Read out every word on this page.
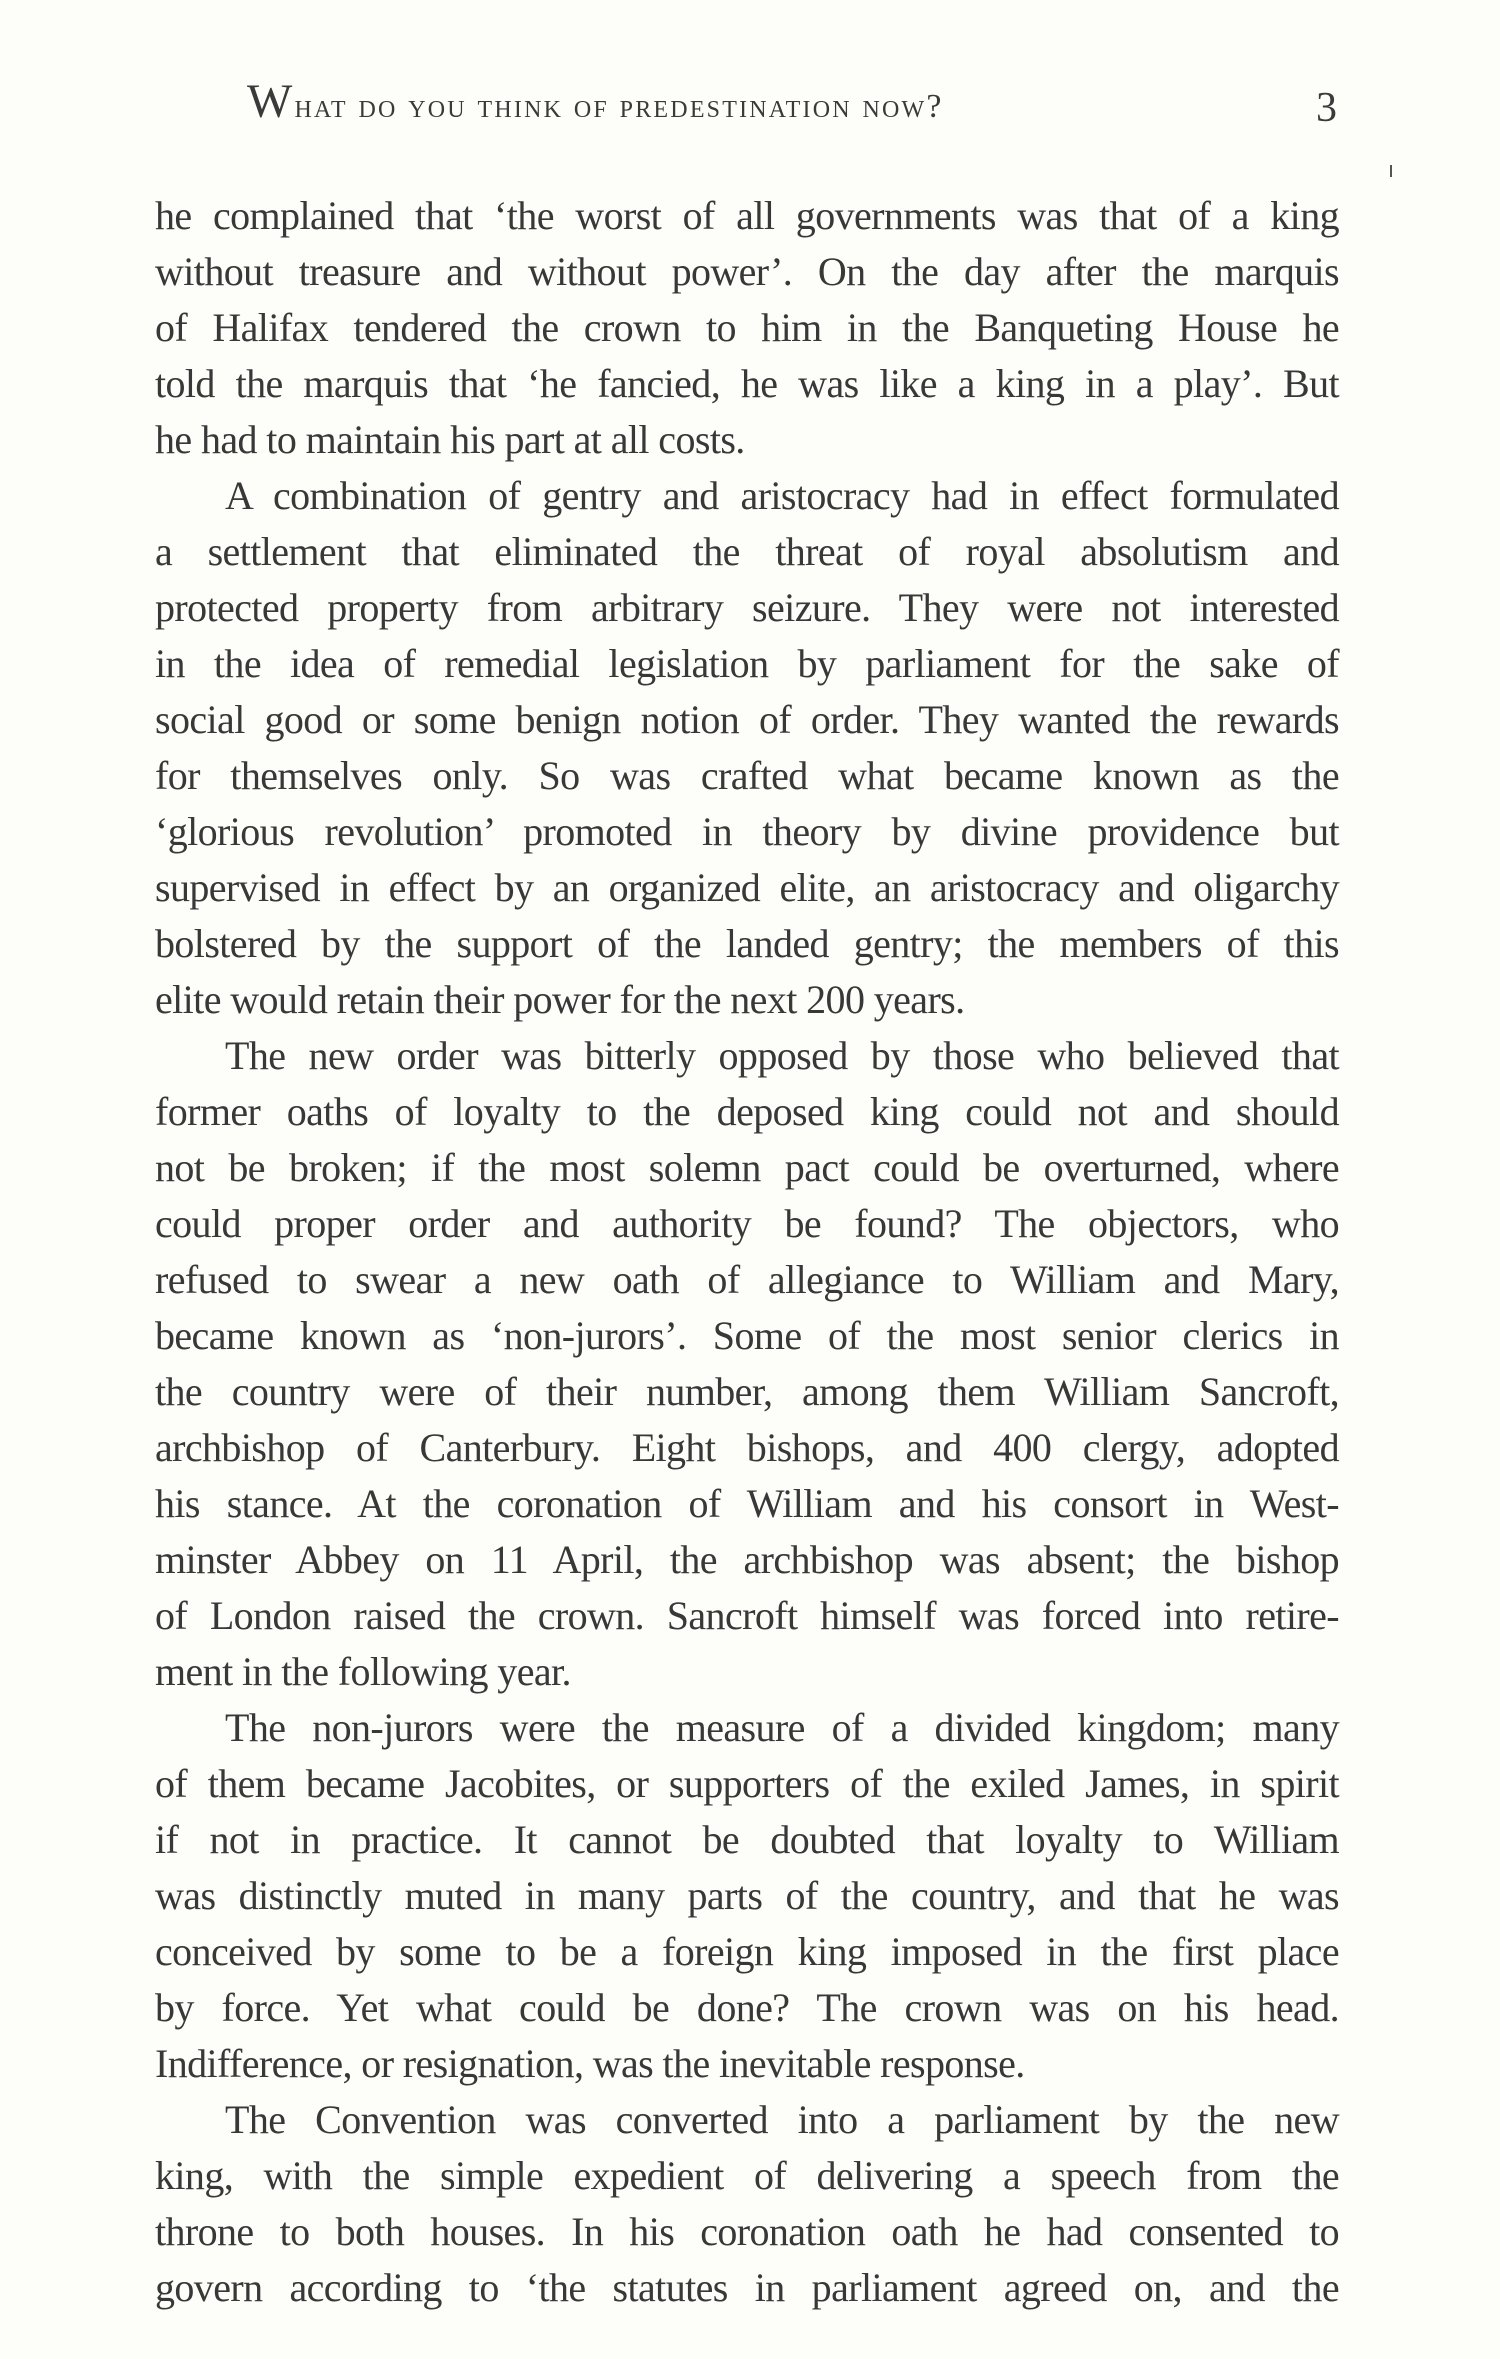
What do you think of predestination now?	3
he complained that ‘the worst of all governments was that of a king
without treasure and without power’. On the day after the marquis
of Halifax tendered the crown to him in the Banqueting House he
told the marquis that ‘he fancied, he was like a king in a play’. But
he had to maintain his part at all costs.
A combination of gentry and aristocracy had in effect formulated
a settlement that eliminated the threat of royal absolutism and
protected property from arbitrary seizure. They were not interested
in the idea of remedial legislation by parliament for the sake of
social good or some benign notion of order. They wanted the rewards
for themselves only. So was crafted what became known as the
‘glorious revolution’ promoted in theory by divine providence but
supervised in effect by an organized elite, an aristocracy and oligarchy
bolstered by the support of the landed gentry; the members of this
elite would retain their power for the next 200 years.
The new order was bitterly opposed by those who believed that
former oaths of loyalty to the deposed king could not and should
not be broken; if the most solemn pact could be overturned, where
could proper order and authority be found? The objectors, who
refused to swear a new oath of allegiance to William and Mary,
became known as ‘non-jurors’. Some of the most senior clerics in
the country were of their number, among them William Sancroft,
archbishop of Canterbury. Eight bishops, and 400 clergy, adopted
his stance. At the coronation of William and his consort in West-
minster Abbey on 11 April, the archbishop was absent; the bishop
of London raised the crown. Sancroft himself was forced into retire-
ment in the following year.
The non-jurors were the measure of a divided kingdom; many
of them became Jacobites, or supporters of the exiled James, in spirit
if not in practice. It cannot be doubted that loyalty to William
was distinctly muted in many parts of the country, and that he was
conceived by some to be a foreign king imposed in the first place
by force. Yet what could be done? The crown was on his head.
Indifference, or resignation, was the inevitable response.
The Convention was converted into a parliament by the new
king, with the simple expedient of delivering a speech from the
throne to both houses. In his coronation oath he had consented to
govern according to ‘the statutes in parliament agreed on, and the
